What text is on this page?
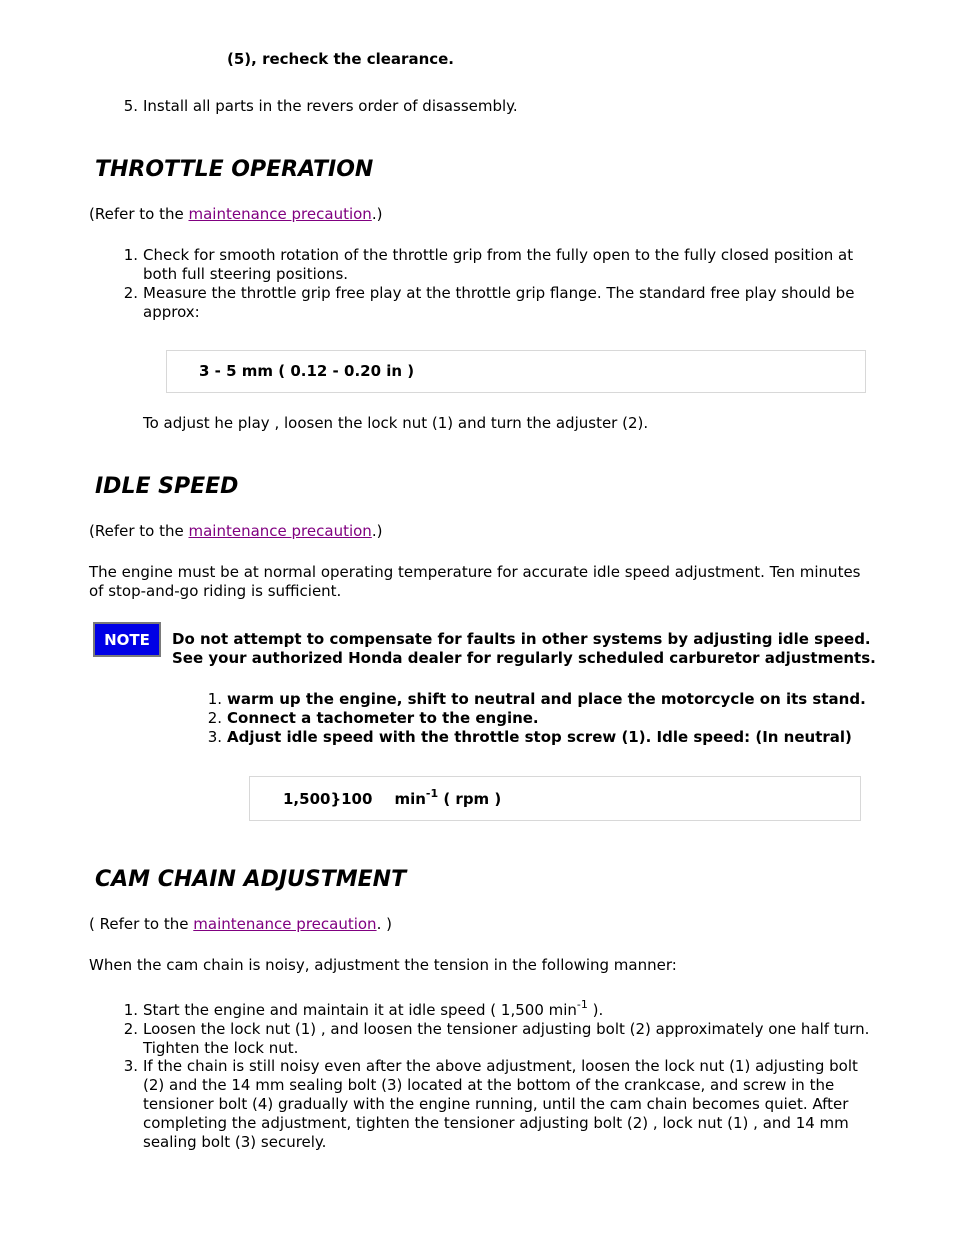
(5), recheck the clearance.
5. Install all parts in the revers order of disassembly.
THROTTLE OPERATION
(Refer to the maintenance precaution.)
1. Check for smooth rotation of the throttle grip from the fully open to the fully closed position at
both full steering positions.
2. Measure the throttle grip free play at the throttle grip flange. The standard free play should be
approx:
3 - 5 mm ( 0.12 - 0.20 in )
To adjust he play , loosen the lock nut (1) and turn the adjuster (2).
IDLE SPEED
(Refer to the maintenance precaution.)
The engine must be at normal operating temperature for accurate idle speed adjustment. Ten minutes
of stop-and-go riding is sufficient.
NOTE	Do not attempt to compensate for faults in other systems by adjusting idle speed.
See your authorized Honda dealer for regularly scheduled carburetor adjustments.
1. warm up the engine, shift to neutral and place the motorcycle on its stand.
2. Connect a tachometer to the engine.
3. Adjust idle speed with the throttle stop screw (1). Idle speed: (In neutral)
1,500}100 $\min^{-1}$ ( rpm )
CAM CHAIN ADJUSTMENT
( Refer to the maintenance precaution. )
When the cam chain is noisy, adjustment the tension in the following manner:
1. Start the engine and maintain it at idle speed ( 1,500 $\min^{-1}$ ).
2. Loosen the lock nut (1) , and loosen the tensioner adjusting bolt (2) approximately one half turn.
Tighten the lock nut.
3. If the chain is still noisy even after the above adjustment, loosen the lock nut (1) adjusting bolt
(2) and the 14 mm sealing bolt (3) located at the bottom of the crankcase, and screw in the
tensioner bolt (4) gradually with the engine running, until the cam chain becomes quiet. After
completing the adjustment, tighten the tensioner adjusting bolt (2) , lock nut (1) , and 14 mm
sealing bolt (3) securely.
